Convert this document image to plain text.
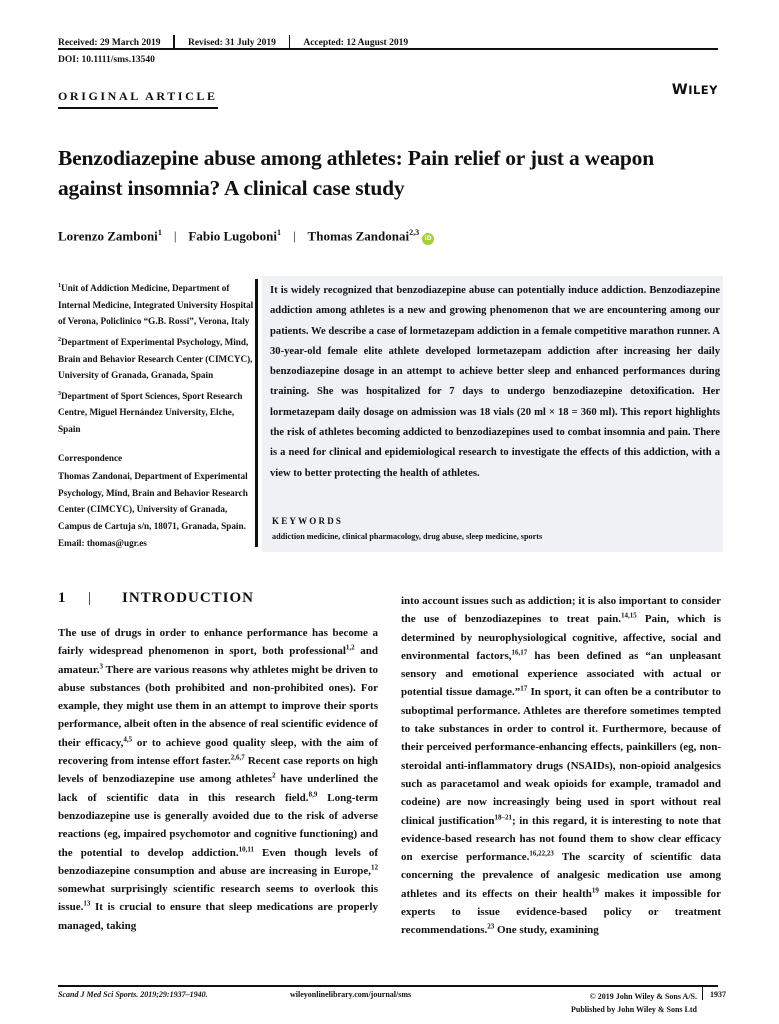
Received: 29 March 2019	Revised: 31 July 2019	Accepted: 12 August 2019
DOI: 10.1111/sms.13540
ORIGINAL ARTICLE	WILEY
Benzodiazepine abuse among athletes: Pain relief or just a weapon against insomnia? A clinical case study
Lorenzo Zamboni$^1$ | Fabio Lugoboni$^1$ | Thomas Zandonai$^{2,3}$
iD

$^1$Unit of Addiction Medicine, Department of Internal Medicine, Integrated University Hospital of Verona, Policlinico “G.B. Rossi”, Verona, Italy

$^2$Department of Experimental Psychology, Mind, Brain and Behavior Research Center (CIMCYC), University of Granada, Granada, Spain

$^3$Department of Sport Sciences, Sport Research Centre, Miguel Hernández University, Elche, Spain

Correspondence

Thomas Zandonai, Department of Experimental Psychology, Mind, Brain and Behavior Research Center (CIMCYC), University of Granada, Campus de Cartuja s/n, 18071, Granada, Spain.
Email: thomas@ugr.es

It is widely recognized that benzodiazepine abuse can potentially induce addiction. Benzodiazepine addiction among athletes is a new and growing phenomenon that we are encountering among our patients. We describe a case of lormetazepam addiction in a female competitive marathon runner. A 30-year-old female elite athlete developed lormetazepam addiction after increasing her daily benzodiazepine dosage in an attempt to achieve better sleep and enhanced performances during training. She was hospitalized for 7 days to undergo benzodiazepine detoxification. Her lormetazepam daily dosage on admission was 18 vials (20 ml × 18 = 360 ml). This report highlights the risk of athletes becoming addicted to benzodiazepines used to combat insomnia and pain. There is a need for clinical and epidemiological research to investigate the effects of this addiction, with a view to better protecting the health of athletes.
KEYWORDS
addiction medicine, clinical pharmacology, drug abuse, sleep medicine, sports
1	|	INTRODUCTION
The use of drugs in order to enhance performance has become a fairly widespread phenomenon in sport, both professional$^{1,2}$ and amateur.$^3$ There are various reasons why athletes might be driven to abuse substances (both prohibited and non-prohibited ones). For example, they might use them in an attempt to improve their sports performance, albeit often in the absence of real scientific evidence of their efficacy,$^{4,5}$ or to achieve good quality sleep, with the aim of recovering from intense effort faster.$^{2,6,7}$ Recent case reports on high levels of benzodiazepine use among athletes$^2$ have underlined the lack of scientific data in this research field.$^{8,9}$ Long-term benzodiazepine use is generally avoided due to the risk of adverse reactions (eg, impaired psychomotor and cognitive functioning) and the potential to develop addiction.$^{10,11}$ Even though levels of benzodiazepine consumption and abuse are increasing in Europe,$^{12}$ somewhat surprisingly scientific research seems to overlook this issue.$^{13}$ It is crucial to ensure that sleep medications are properly managed, taking
into account issues such as addiction; it is also important to consider the use of benzodiazepines to treat pain.$^{14,15}$ Pain, which is determined by neurophysiological cognitive, affective, social and environmental factors,$^{16,17}$ has been defined as “an unpleasant sensory and emotional experience associated with actual or potential tissue damage.”$^{17}$ In sport, it can often be a contributor to suboptimal performance. Athletes are therefore sometimes tempted to take substances in order to control it. Furthermore, because of their perceived performance-enhancing effects, painkillers (eg, non-steroidal anti-inflammatory drugs (NSAIDs), non-opioid analgesics such as paracetamol and weak opioids for example, tramadol and codeine) are now increasingly being used in sport without real clinical justification$^{18-21}$; in this regard, it is interesting to note that evidence-based research has not found them to show clear efficacy on exercise performance.$^{16,22,23}$ The scarcity of scientific data concerning the prevalence of analgesic medication use among athletes and its effects on their health$^{19}$ makes it impossible for experts to issue evidence-based policy or treatment recommendations.$^{23}$ One study, examining
Scand J Med Sci Sports. 2019;29:1937–1940.	wileyonlinelibrary.com/journal/sms	© 2019 John Wiley & Sons A/S.
Published by John Wiley & Sons Ltd
1937
